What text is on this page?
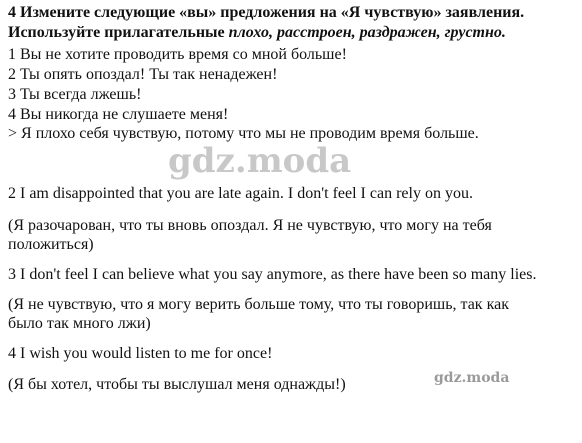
4 Измените следующие «вы» предложения на «Я чувствую» заявления.
Используйте прилагательные плохо, расстроен, раздражен, грустно.
1 Вы не хотите проводить время со мной больше!
2 Ты опять опоздал! Ты так ненадежен!
3 Ты всегда лжешь!
4 Вы никогда не слушаете меня!
> Я плохо себя чувствую, потому что мы не проводим время больше.
gdz.moda
2 I am disappointed that you are late again. I don't feel I can rely on you.
(Я разочарован, что ты вновь опоздал. Я не чувствую, что могу на тебя
положиться)
3 I don't feel I can believe what you say anymore, as there have been so many lies.
(Я не чувствую, что я могу верить больше тому, что ты говоришь, так как
было так много лжи)
4 I wish you would listen to me for once!
(Я бы хотел, чтобы ты выслушал меня однажды!)	gdz.moda
